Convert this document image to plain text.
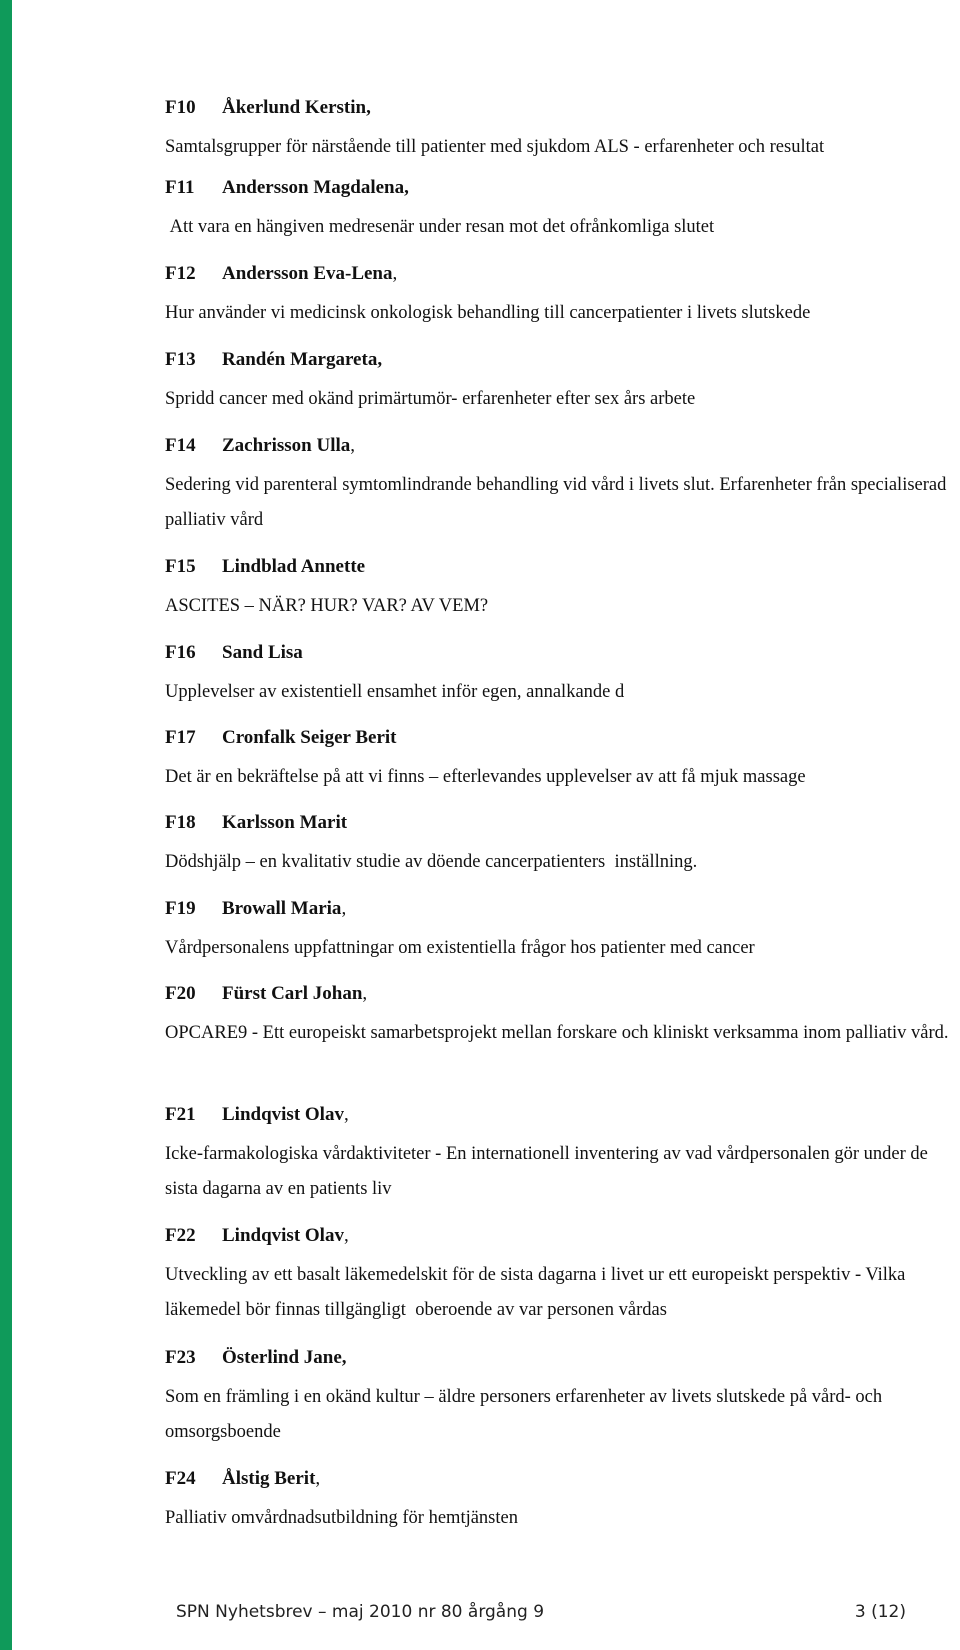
F10	Åkerlund Kerstin,
Samtalsgrupper för närstående till patienter med sjukdom ALS - erfarenheter och resultat
F11	Andersson Magdalena,
Att vara en hängiven medresenär under resan mot det ofrånkomliga slutet
F12	Andersson Eva-Lena ,
Hur använder vi medicinsk onkologisk behandling till cancerpatienter i livets slutskede
F13	Randén Margareta,
Spridd cancer med okänd primärtumör- erfarenheter efter sex års arbete
F14	Zachrisson Ulla ,
Sedering vid parenteral symtomlindrande behandling vid vård i livets slut. Erfarenheter från specialiserad palliativ vård
F15	Lindblad Annette
ASCITES – NÄR? HUR? VAR? AV VEM?
F16	Sand Lisa
Upplevelser av existentiell ensamhet inför egen, annalkande d
F17	Cronfalk Seiger Berit
Det är en bekräftelse på att vi finns – efterlevandes upplevelser av att få mjuk massage
F18	Karlsson Marit
Dödshjälp – en kvalitativ studie av döende cancerpatienters  inställning.
F19	Browall Maria ,
Vårdpersonalens uppfattningar om existentiella frågor hos patienter med cancer
F20	Fürst Carl Johan ,
OPCARE9 - Ett europeiskt samarbetsprojekt mellan forskare och kliniskt verksamma inom palliativ vård.
F21	Lindqvist Olav ,
Icke-farmakologiska vårdaktiviteter - En internationell inventering av vad vårdpersonalen gör under de sista dagarna av en patients liv
F22	Lindqvist Olav ,
Utveckling av ett basalt läkemedelskit för de sista dagarna i livet ur ett europeiskt perspektiv - Vilka läkemedel bör finnas tillgängligt  oberoende av var personen vårdas
F23	Österlind Jane,
Som en främling i en okänd kultur – äldre personers erfarenheter av livets slutskede på vård- och omsorgsboende
F24	Ålstig Berit ,
Palliativ omvårdnadsutbildning för hemtjänsten
SPN Nyhetsbrev – maj 2010 nr 80 årgång 9	3 (12)
